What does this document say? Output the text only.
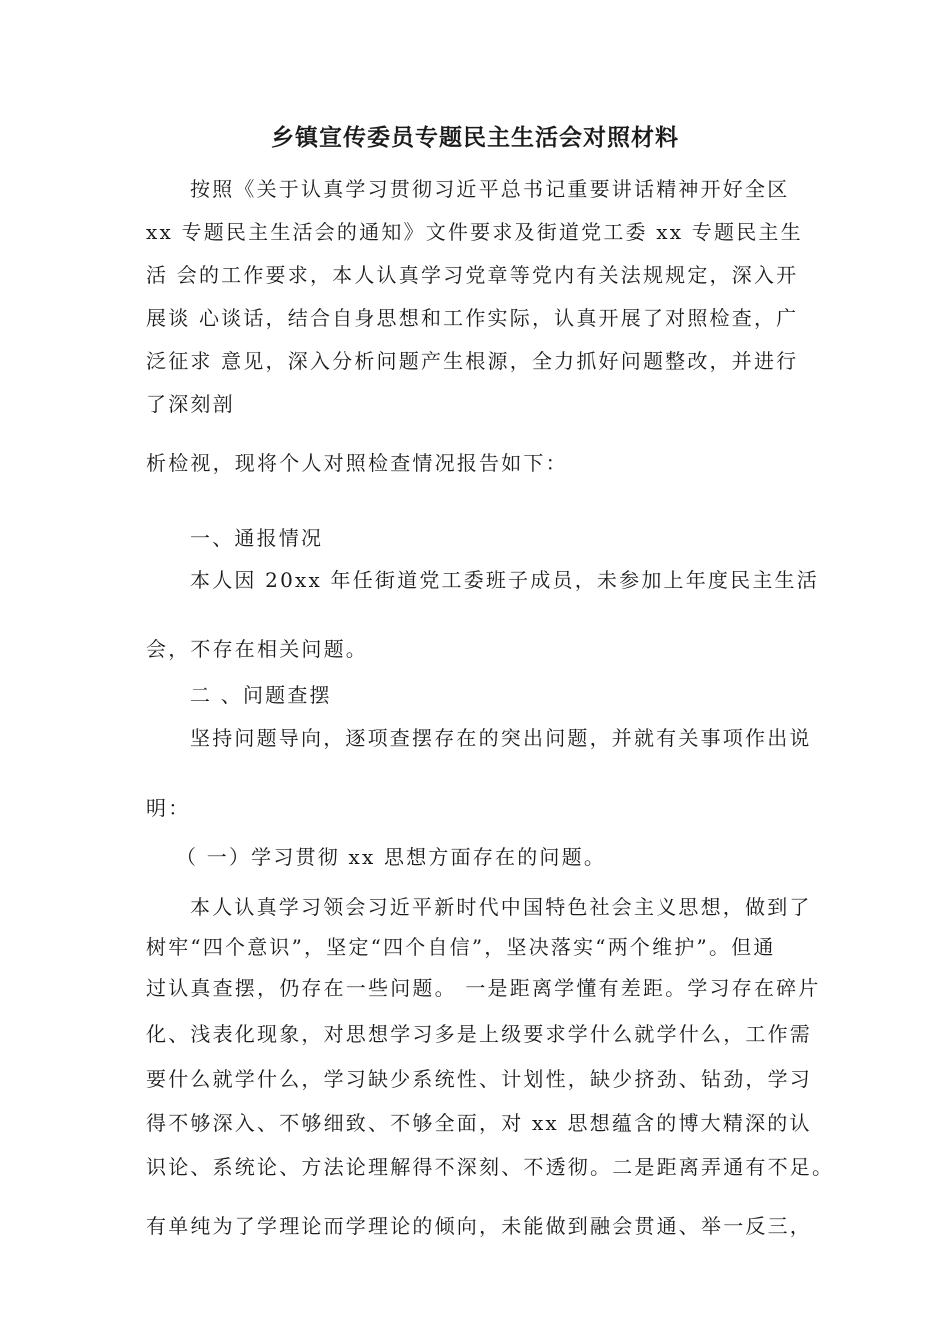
乡镇宣传委员专题民主生活会对照材料

按照《关于认真学习贯彻习近平总书记重要讲话精神开好全区

xx 专题民主生活会的通知》文件要求及街道党工委 xx 专题民主生

活 会的工作要求，本人认真学习党章等党内有关法规规定，深入开

展谈 心谈话，结合自身思想和工作实际，认真开展了对照检查，广

泛征求 意见，深入分析问题产生根源，全力抓好问题整改，并进行

了深刻剖

析检视，现将个人对照检查情况报告如下：

一、通报情况

本人因 20xx 年任街道党工委班子成员，未参加上年度民主生活

会，不存在相关问题。

二 、问题查摆

坚持问题导向，逐项查摆存在的突出问题，并就有关事项作出说

明：

（ 一）学习贯彻 xx 思想方面存在的问题。

本人认真学习领会习近平新时代中国特色社会主义思想，做到了

树牢“四个意识”，坚定“四个自信”，坚决落实“两个维护”。但通

过认真查摆，仍存在一些问题。 一是距离学懂有差距。学习存在碎片

化、浅表化现象，对思想学习多是上级要求学什么就学什么，工作需

要什么就学什么，学习缺少系统性、计划性，缺少挤劲、钻劲，学习

得不够深入、不够细致、不够全面，对 xx 思想蕴含的博大精深的认

识论、系统论、方法论理解得不深刻、不透彻。二是距离弄通有不足。

有单纯为了学理论而学理论的倾向，未能做到融会贯通、举一反三，
